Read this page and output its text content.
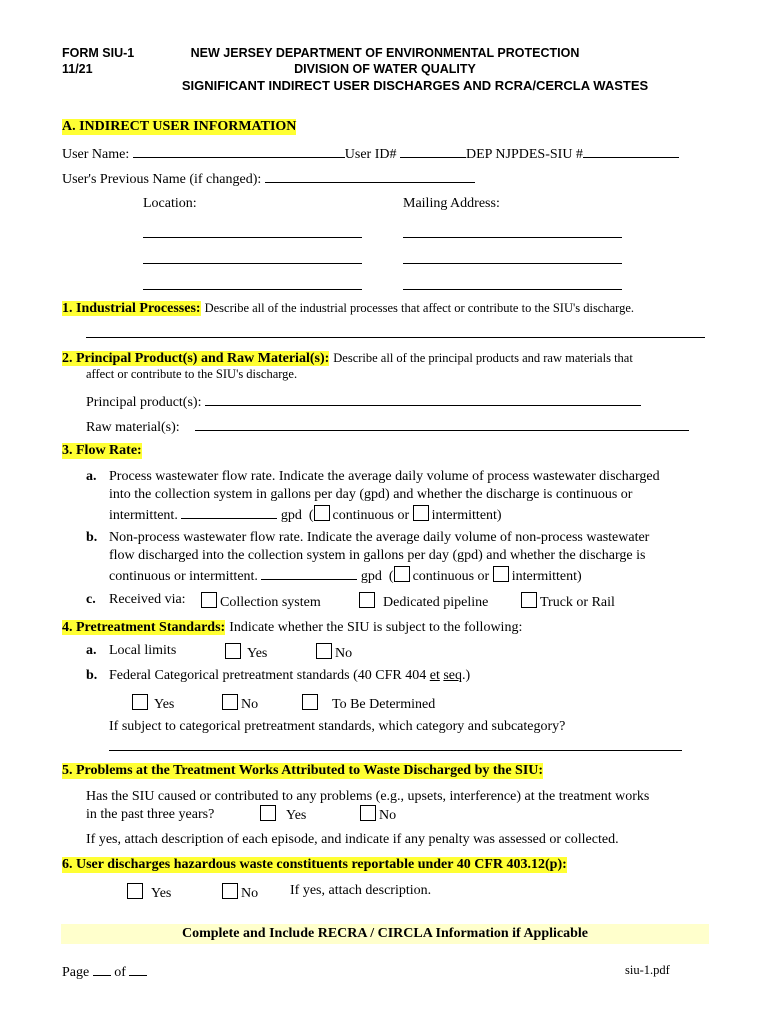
FORM SIU-1
11/21
NEW JERSEY DEPARTMENT OF ENVIRONMENTAL PROTECTION
DIVISION OF WATER QUALITY
SIGNIFICANT INDIRECT USER DISCHARGES AND RCRA/CERCLA WASTES
A. INDIRECT USER INFORMATION
User Name:	User ID#	DEP NJPDES-SIU #
User's Previous Name (if changed):
Location:	Mailing Address:
1. Industrial Processes: Describe all of the industrial processes that affect or contribute to the SIU's discharge.
2. Principal Product(s) and Raw Material(s): Describe all of the principal products and raw materials that
affect or contribute to the SIU's discharge.
Principal product(s):
Raw material(s):
3. Flow Rate:
a. Process wastewater flow rate. Indicate the average daily volume of process wastewater discharged
into the collection system in gallons per day (gpd) and whether the discharge is continuous or
intermittent.	gpd ( continuous or intermittent)
b. Non-process wastewater flow rate. Indicate the average daily volume of non-process wastewater
flow discharged into the collection system in gallons per day (gpd) and whether the discharge is
continuous or intermittent.	gpd ( continuous or intermittent)
c. Received via:	Collection system	Dedicated pipeline	Truck or Rail
4. Pretreatment Standards: Indicate whether the SIU is subject to the following:
a. Local limits	Yes	No
b. Federal Categorical pretreatment standards (40 CFR 404 et seq.)
Yes	No	To Be Determined
If subject to categorical pretreatment standards, which category and subcategory?
5. Problems at the Treatment Works Attributed to Waste Discharged by the SIU:
Has the SIU caused or contributed to any problems (e.g., upsets, interference) at the treatment works
in the past three years?	Yes	No
If yes, attach description of each episode, and indicate if any penalty was assessed or collected.
6. User discharges hazardous waste constituents reportable under 40 CFR 403.12(p):
Yes	No If yes, attach description.
Complete and Include RECRA / CIRCLA Information if Applicable
Page of	siu-1.pdf
